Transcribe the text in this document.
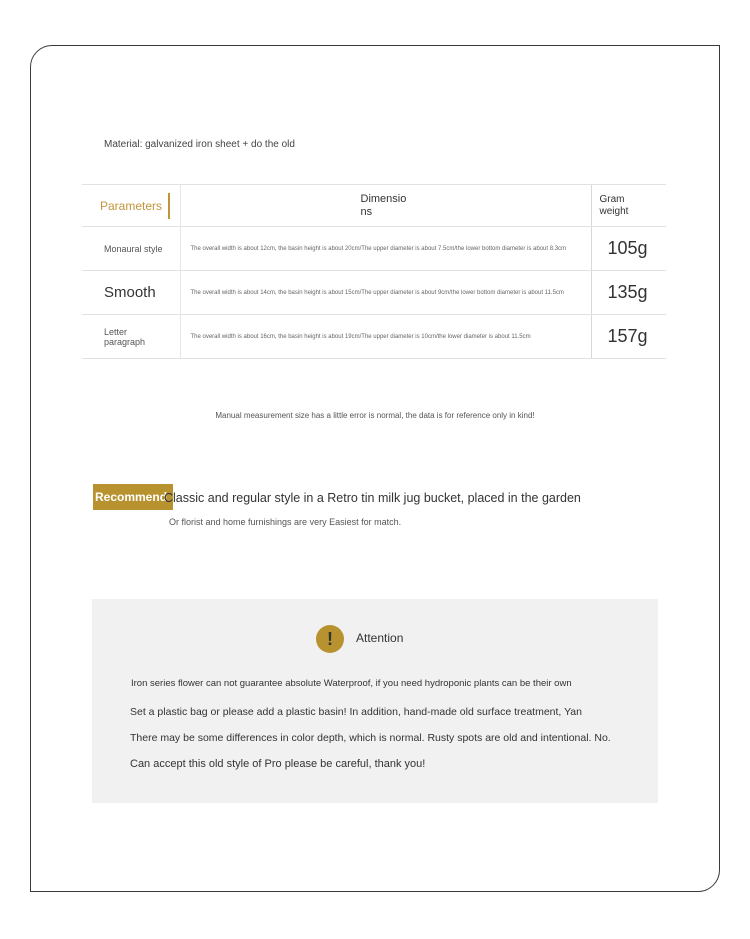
Material: galvanized iron sheet + do the old
Parameters	Dimensio ns	Gram weight

Monaural style	The overall width is about 12cm, the basin height is about 20cm/The upper diameter is about 7.5cm/the lower bottom diameter is about 8.3cm	105g

Smooth	The overall width is about 14cm, the basin height is about 15cm/The upper diameter is about 9cm/the lower bottom diameter is about 11.5cm	135g

Letter paragraph	The overall width is about 16cm, the basin height is about 19cm/The upper diameter is 10cm/the lower diameter is about 11.5cm	157g
Manual measurement size has a little error is normal, the data is for reference only in kind!
Recommend
Classic and regular style in a Retro tin milk jug bucket, placed in the garden
Or florist and home furnishings are very Easiest for match.
!	Attention
Iron series flower can not guarantee absolute Waterproof, if you need hydroponic plants can be their own
Set a plastic bag or please add a plastic basin! In addition, hand-made old surface treatment, Yan
There may be some differences in color depth, which is normal. Rusty spots are old and intentional. No.
Can accept this old style of Pro please be careful, thank you!
